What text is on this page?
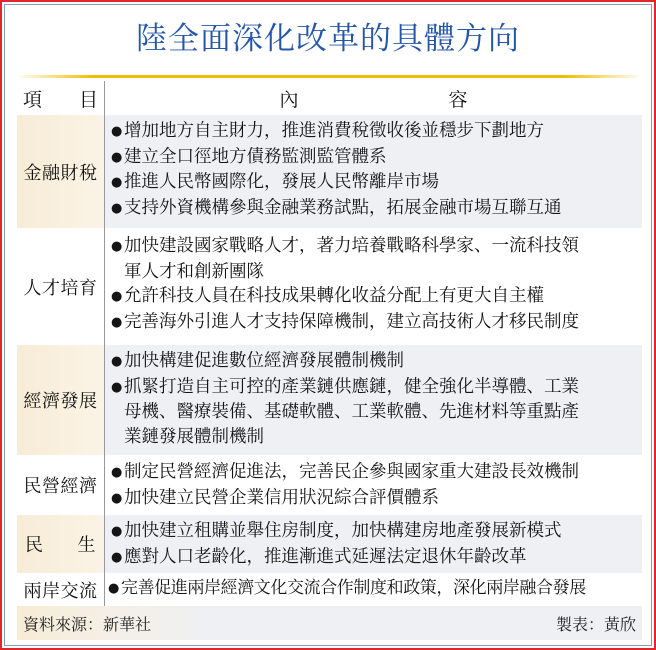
陸全面深化改革的具體方向
項 目	內	容
金融財稅
●增加地方自主財力，推進消費稅徵收後並穩步下劃地方
●建立全口徑地方債務監測監管體系
●推進人民幣國際化，發展人民幣離岸市場
●支持外資機構參與金融業務試點，拓展金融市場互聯互通
人才培育
●加快建設國家戰略人才，著力培養戰略科學家、一流科技領
軍人才和創新團隊
●允許科技人員在科技成果轉化收益分配上有更大自主權
●完善海外引進人才支持保障機制，建立高技術人才移民制度
經濟發展
●加快構建促進數位經濟發展體制機制
●抓緊打造自主可控的產業鏈供應鏈，健全強化半導體、工業
母機、醫療裝備、基礎軟體、工業軟體、先進材料等重點產
業鏈發展體制機制
民營經濟
●制定民營經濟促進法，完善民企參與國家重大建設長效機制
●加快建立民營企業信用狀況綜合評價體系
民 生
●加快建立租購並舉住房制度，加快構建房地產發展新模式
●應對人口老齡化，推進漸進式延遲法定退休年齡改革
兩岸交流 ● 完善促進兩岸經濟文化交流合作制度和政策，深化兩岸融合發展
資料來源：新華社	製表：黃欣
